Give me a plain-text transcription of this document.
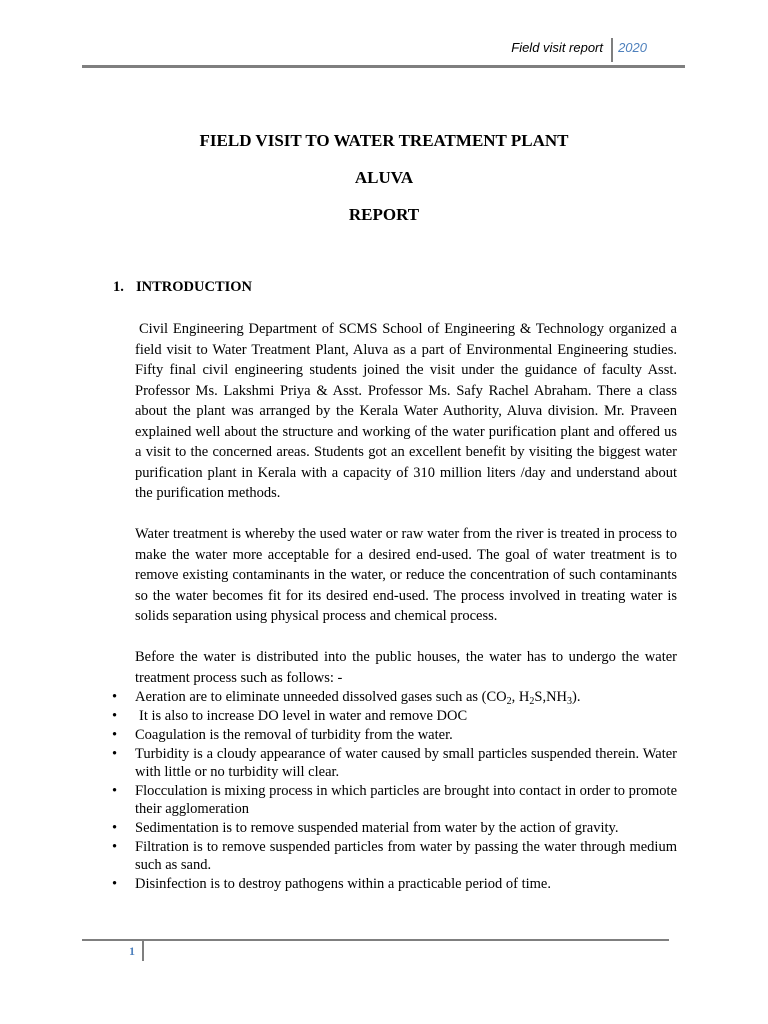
Field visit report 2020
FIELD VISIT TO WATER TREATMENT PLANT
ALUVA
REPORT
1. INTRODUCTION

Civil Engineering Department of SCMS School of Engineering & Technology organized a field visit to Water Treatment Plant, Aluva as a part of Environmental Engineering studies. Fifty final civil engineering students joined the visit under the guidance of faculty Asst. Professor Ms. Lakshmi Priya & Asst. Professor Ms. Safy Rachel Abraham. There a class about the plant was arranged by the Kerala Water Authority, Aluva division. Mr. Praveen explained well about the structure and working of the water purification plant and offered us a visit to the concerned areas. Students got an excellent benefit by visiting the biggest water purification plant in Kerala with a capacity of 310 million liters /day and understand about the purification methods.

Water treatment is whereby the used water or raw water from the river is treated in process to make the water more acceptable for a desired end-used. The goal of water treatment is to remove existing contaminants in the water, or reduce the concentration of such contaminants so the water becomes fit for its desired end-used. The process involved in treating water is solids separation using physical process and chemical process.

Before the water is distributed into the public houses, the water has to undergo the water treatment process such as follows: -

• Aeration are to eliminate unneeded dissolved gases such as ($CO_2$, $H_2S,NH_3$).
• It is also to increase DO level in water and remove DOC
• Coagulation is the removal of turbidity from the water.
• Turbidity is a cloudy appearance of water caused by small particles suspended therein. Water with little or no turbidity will clear.
• Flocculation is mixing process in which particles are brought into contact in order to promote their agglomeration
• Sedimentation is to remove suspended material from water by the action of gravity.
• Filtration is to remove suspended particles from water by passing the water through medium such as sand.
• Disinfection is to destroy pathogens within a practicable period of time.
1
